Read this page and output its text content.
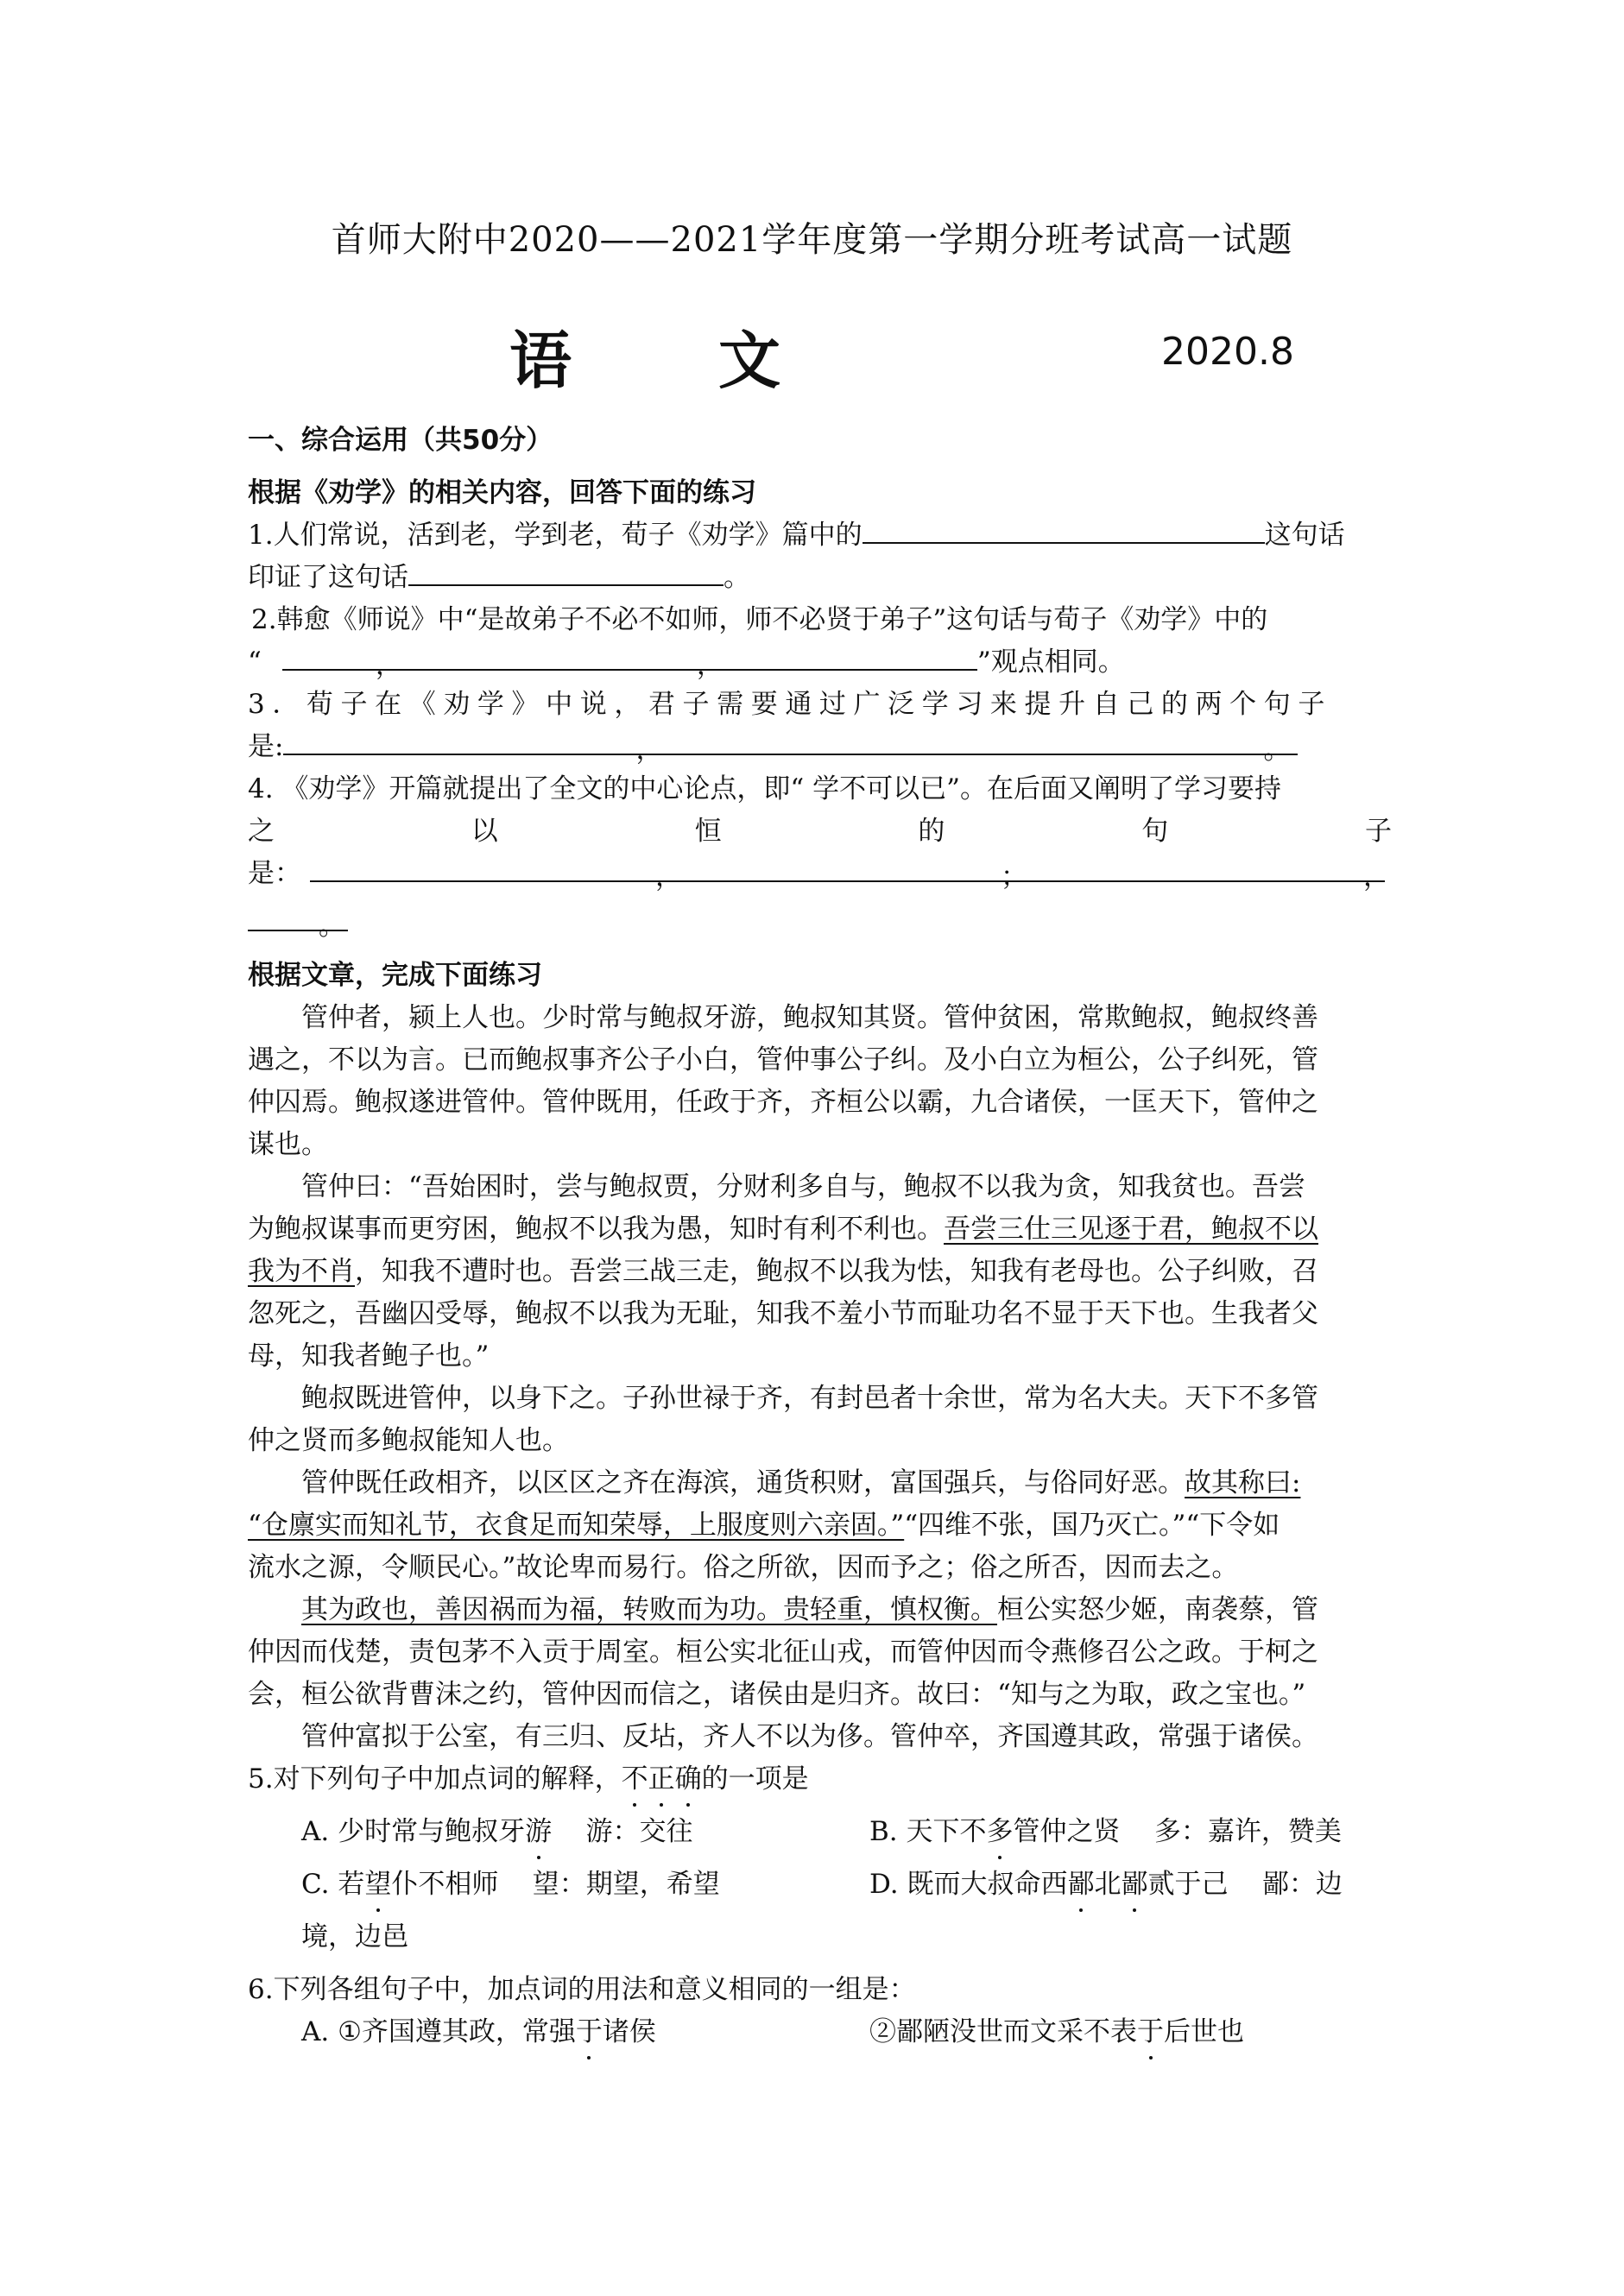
首师大附中2020——2021学年度第一学期分班考试高一试题
语 文	2020.8
一、综合运用（共50分）
根据《劝学》的相关内容，回答下面的练习
1.人们常说，活到老，学到老，荀子《劝学》篇中的	这句话
印证了这句话	。
2.韩愈《师说》中“是故弟子不必不如师，师不必贤于弟子”这句话与荀子《劝学》中的
“	，	，	”观点相同。
3．荀子在《劝学》中说，君子需要通过广泛学习来提升自己的两个句子
是:	，	。
4. 《劝学》开篇就提出了全文的中心论点，即“ 学不可以已”。在后面又阐明了学习要持
之	以	恒	的	句	子
是：	，	；	，
。
根据文章，完成下面练习
管仲者，颍上人也。少时常与鲍叔牙游，鲍叔知其贤。管仲贫困，常欺鲍叔，鲍叔终善
遇之，不以为言。已而鲍叔事齐公子小白，管仲事公子纠。及小白立为桓公，公子纠死，管
仲囚焉。鲍叔遂进管仲。管仲既用，任政于齐，齐桓公以霸，九合诸侯，一匡天下，管仲之
谋也。
管仲曰：“吾始困时，尝与鲍叔贾，分财利多自与，鲍叔不以我为贪，知我贫也。吾尝
为鲍叔谋事而更穷困，鲍叔不以我为愚，知时有利不利也。吾尝三仕三见逐于君，鲍叔不以
我为不肖，知我不遭时也。吾尝三战三走，鲍叔不以我为怯，知我有老母也。公子纠败，召
忽死之，吾幽囚受辱，鲍叔不以我为无耻，知我不羞小节而耻功名不显于天下也。生我者父
母，知我者鲍子也。”
鲍叔既进管仲，以身下之。子孙世禄于齐，有封邑者十余世，常为名大夫。天下不多管
仲之贤而多鲍叔能知人也。
管仲既任政相齐，以区区之齐在海滨，通货积财，富国强兵，与俗同好恶。故其称曰:
“仓廪实而知礼节，衣食足而知荣辱，上服度则六亲固。”“四维不张，国乃灭亡。”“下令如
流水之源，令顺民心。”故论卑而易行。俗之所欲，因而予之；俗之所否，因而去之。
其为政也，善因祸而为福，转败而为功。贵轻重，慎权衡。桓公实怒少姬，南袭蔡，管
仲因而伐楚，责包茅不入贡于周室。桓公实北征山戎，而管仲因而令燕修召公之政。于柯之
会，桓公欲背曹沫之约，管仲因而信之，诸侯由是归齐。故曰：“知与之为取，政之宝也。”
管仲富拟于公室，有三归、反坫，齐人不以为侈。管仲卒，齐国遵其政，常强于诸侯。
5.对下列句子中加点词的解释，不正确的一项是
A. 少时常与鲍叔牙游 游：交往	B. 天下不多管仲之贤 多：嘉许，赞美
C. 若望仆不相师 望：期望，希望	D. 既而大叔命西鄙北鄙贰于己 鄙：边
境，边邑
6.下列各组句子中，加点词的用法和意义相同的一组是：
A. ①齐国遵其政，常强于诸侯	②鄙陋没世而文采不表于后世也
